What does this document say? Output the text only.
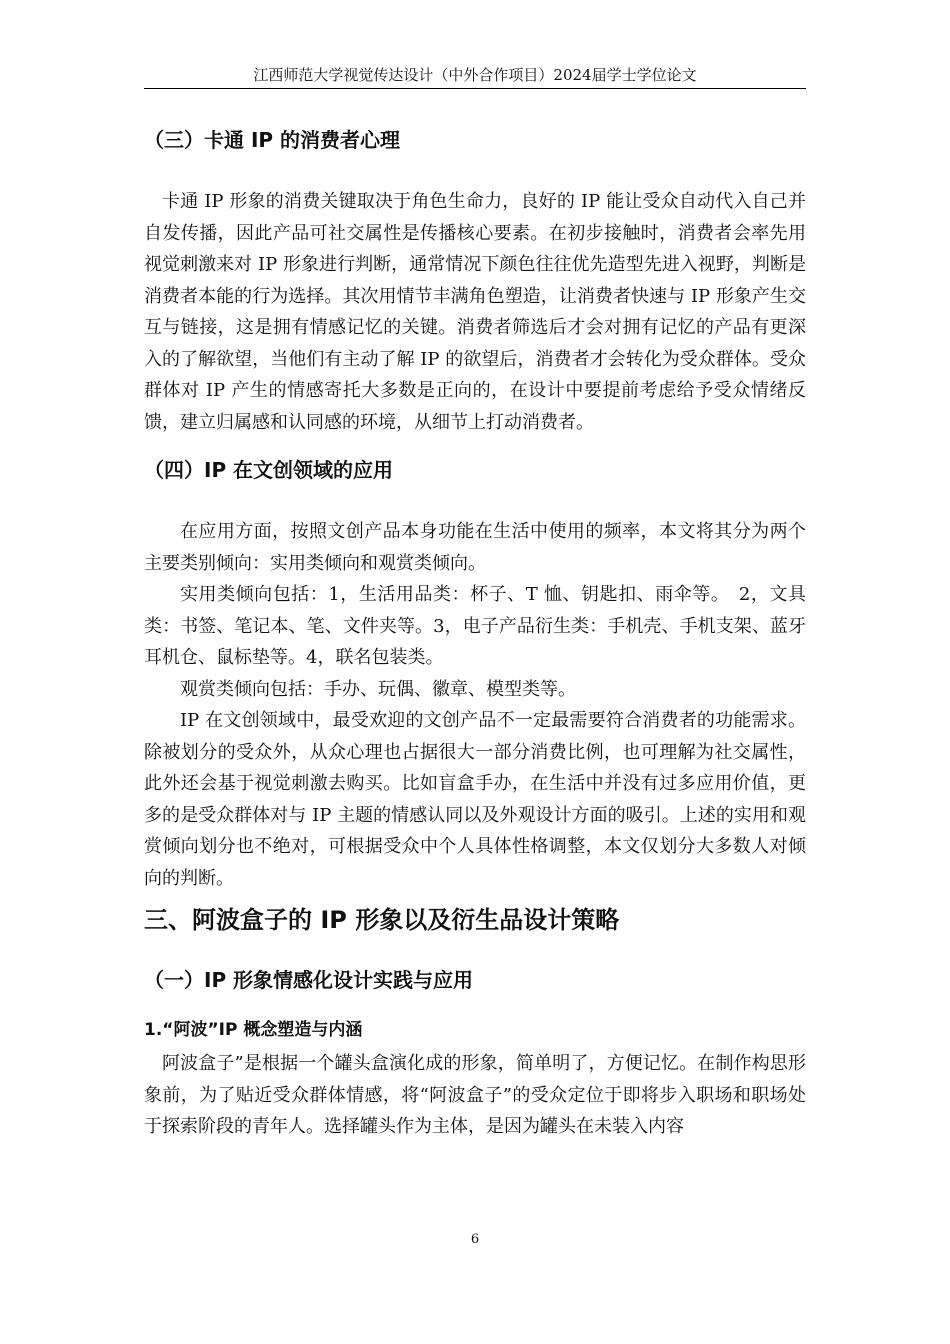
江西师范大学视觉传达设计（中外合作项目）2024届学士学位论文
（三）卡通 IP 的消费者心理

卡通 IP 形象的消费关键取决于角色生命力，良好的 IP 能让受众自动代入自己并自发传播，因此产品可社交属性是传播核心要素。在初步接触时，消费者会率先用视觉刺激来对 IP 形象进行判断，通常情况下颜色往往优先造型先进入视野，判断是消费者本能的行为选择。其次用情节丰满角色塑造，让消费者快速与 IP 形象产生交互与链接，这是拥有情感记忆的关键。消费者筛选后才会对拥有记忆的产品有更深入的了解欲望，当他们有主动了解 IP 的欲望后，消费者才会转化为受众群体。受众群体对 IP 产生的情感寄托大多数是正向的，在设计中要提前考虑给予受众情绪反馈，建立归属感和认同感的环境，从细节上打动消费者。

（四）IP 在文创领域的应用

在应用方面，按照文创产品本身功能在生活中使用的频率，本文将其分为两个主要类别倾向：实用类倾向和观赏类倾向。

实用类倾向包括：1，生活用品类：杯子、T 恤、钥匙扣、雨伞等。　2，文具类：书签、笔记本、笔、文件夹等。3，电子产品衍生类：手机壳、手机支架、蓝牙耳机仓、鼠标垫等。4，联名包装类。

观赏类倾向包括：手办、玩偶、徽章、模型类等。

IP 在文创领域中，最受欢迎的文创产品不一定最需要符合消费者的功能需求。除被划分的受众外，从众心理也占据很大一部分消费比例，也可理解为社交属性，此外还会基于视觉刺激去购买。比如盲盒手办，在生活中并没有过多应用价值，更多的是受众群体对与 IP 主题的情感认同以及外观设计方面的吸引。上述的实用和观赏倾向划分也不绝对，可根据受众中个人具体性格调整，本文仅划分大多数人对倾向的判断。

三、阿波盒子的 IP 形象以及衍生品设计策略
（一）IP 形象情感化设计实践与应用
1.“阿波”IP 概念塑造与内涵

阿波盒子”是根据一个罐头盒演化成的形象，简单明了，方便记忆。在制作构思形象前，为了贴近受众群体情感，将“阿波盒子”的受众定位于即将步入职场和职场处于探索阶段的青年人。选择罐头作为主体，是因为罐头在未装入内容

6
